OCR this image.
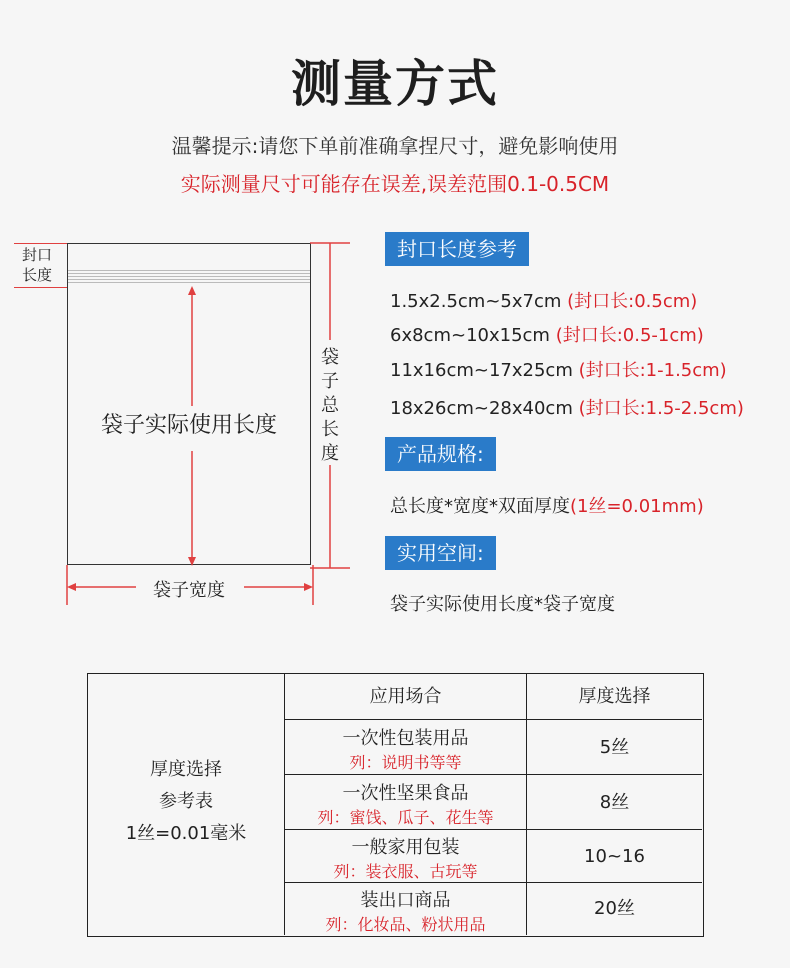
测量方式
温馨提示:请您下单前准确拿捏尺寸，避免影响使用
实际测量尺寸可能存在误差,误差范围0.1-0.5CM
封口
长度
袋子实际使用长度
袋子总长度
袋子宽度
封口长度参考
1.5x2.5cm~5x7cm (封口长:0.5cm)
6x8cm~10x15cm (封口长:0.5-1cm)
11x16cm~17x25cm (封口长:1-1.5cm)
18x26cm~28x40cm (封口长:1.5-2.5cm)
产品规格:
总长度*宽度*双面厚度(1丝=0.01mm)
实用空间:
袋子实际使用长度*袋子宽度
厚度选择
参考表
1丝=0.01毫米
应用场合	厚度选择
一次性包装用品
列：说明书等等
5丝
一次性坚果食品
列：蜜饯、瓜子、花生等
8丝
一般家用包装
列：装衣服、古玩等
10~16
装出口商品
列：化妆品、粉状用品
20丝
